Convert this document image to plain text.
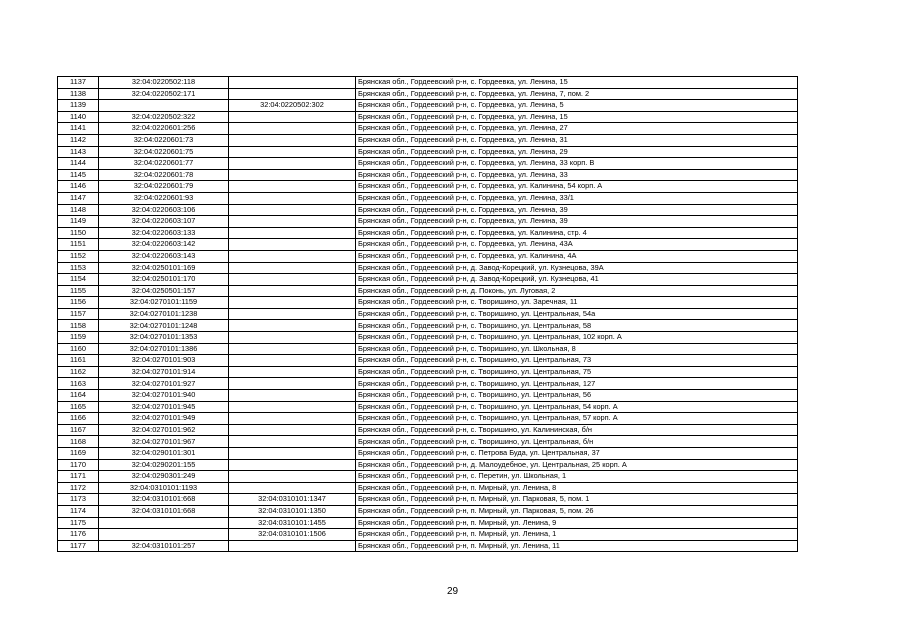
1137	32:04:0220502:118		Брянская обл., Гордеевский р-н, с. Гордеевка, ул. Ленина, 15
1138	32:04:0220502:171		Брянская обл., Гордеевский р-н, с. Гордеевка, ул. Ленина, 7, пом. 2
1139		32:04:0220502:302	Брянская обл., Гордеевский р-н, с. Гордеевка, ул. Ленина, 5
1140	32:04:0220502:322		Брянская обл., Гордеевский р-н, с. Гордеевка, ул. Ленина, 15
1141	32:04:0220601:256		Брянская обл., Гордеевский р-н, с. Гордеевка, ул. Ленина, 27
1142	32:04:0220601:73		Брянская обл., Гордеевский р-н, с. Гордеевка, ул. Ленина, 31
1143	32:04:0220601:75		Брянская обл., Гордеевский р-н, с. Гордеевка, ул. Ленина, 29
1144	32:04:0220601:77		Брянская обл., Гордеевский р-н, с. Гордеевка, ул. Ленина, 33 корп. В
1145	32:04:0220601:78		Брянская обл., Гордеевский р-н, с. Гордеевка, ул. Ленина, 33
1146	32:04:0220601:79		Брянская обл., Гордеевский р-н, с. Гордеевка, ул. Калинина, 54 корп. А
1147	32:04:0220601:93		Брянская обл., Гордеевский р-н, с. Гордеевка, ул. Ленина, 33/1
1148	32:04:0220603:106		Брянская обл., Гордеевский р-н, с. Гордеевка, ул. Ленина, 39
1149	32:04:0220603:107		Брянская обл., Гордеевский р-н, с. Гордеевка, ул. Ленина, 39
1150	32:04:0220603:133		Брянская обл., Гордеевский р-н, с. Гордеевка, ул. Калинина, стр. 4
1151	32:04:0220603:142		Брянская обл., Гордеевский р-н, с. Гордеевка, ул. Ленина, 43А
1152	32:04:0220603:143		Брянская обл., Гордеевский р-н, с. Гордеевка, ул. Калинина, 4А
1153	32:04:0250101:169		Брянская обл., Гордеевский р-н, д. Завод-Корецкий, ул. Кузнецова, 39А
1154	32:04:0250101:170		Брянская обл., Гордеевский р-н, д. Завод-Корецкий, ул. Кузнецова, 41
1155	32:04:0250501:157		Брянская обл., Гордеевский р-н, д. Поконь, ул. Луговая, 2
1156	32:04:0270101:1159		Брянская обл., Гордеевский р-н, с. Творишино, ул. Заречная, 11
1157	32:04:0270101:1238		Брянская обл., Гордеевский р-н, с. Творишино, ул. Центральная, 54а
1158	32:04:0270101:1248		Брянская обл., Гордеевский р-н, с. Творишино, ул. Центральная, 58
1159	32:04:0270101:1353		Брянская обл., Гордеевский р-н, с. Творишино, ул. Центральная, 102 корп. А
1160	32:04:0270101:1386		Брянская обл., Гордеевский р-н, с. Творишино, ул. Школьная, 8
1161	32:04:0270101:903		Брянская обл., Гордеевский р-н, с. Творишино, ул. Центральная, 73
1162	32:04:0270101:914		Брянская обл., Гордеевский р-н, с. Творишино, ул. Центральная, 75
1163	32:04:0270101:927		Брянская обл., Гордеевский р-н, с. Творишино, ул. Центральная, 127
1164	32:04:0270101:940		Брянская обл., Гордеевский р-н, с. Творишино, ул. Центральная, 56
1165	32:04:0270101:945		Брянская обл., Гордеевский р-н, с. Творишино, ул. Центральная, 54 корп. А
1166	32:04:0270101:949		Брянская обл., Гордеевский р-н, с. Творишино, ул. Центральная, 57 корп. А
1167	32:04:0270101:962		Брянская обл., Гордеевский р-н, с. Творишино, ул. Калининская, б/н
1168	32:04:0270101:967		Брянская обл., Гордеевский р-н, с. Творишино, ул. Центральная, б/н
1169	32:04:0290101:301		Брянская обл., Гордеевский р-н, с. Петрова Буда, ул. Центральная, 37
1170	32:04:0290201:155		Брянская обл., Гордеевский р-н, д. Малоудебное, ул. Центральная, 25 корп. А
1171	32:04:0290301:249		Брянская обл., Гордеевский р-н, с. Перетин, ул. Школьная, 1
1172	32:04:0310101:1193		Брянская обл., Гордеевский р-н, п. Мирный, ул. Ленина, 8
1173	32:04:0310101:668	32:04:0310101:1347	Брянская обл., Гордеевский р-н, п. Мирный, ул. Парковая, 5, пом. 1
1174	32:04:0310101:668	32:04:0310101:1350	Брянская обл., Гордеевский р-н, п. Мирный, ул. Парковая, 5, пом. 26
1175		32:04:0310101:1455	Брянская обл., Гордеевский р-н, п. Мирный, ул. Ленина, 9
1176		32:04:0310101:1506	Брянская обл., Гордеевский р-н, п. Мирный, ул. Ленина, 1
1177	32:04:0310101:257		Брянская обл., Гордеевский р-н, п. Мирный, ул. Ленина, 11
29
